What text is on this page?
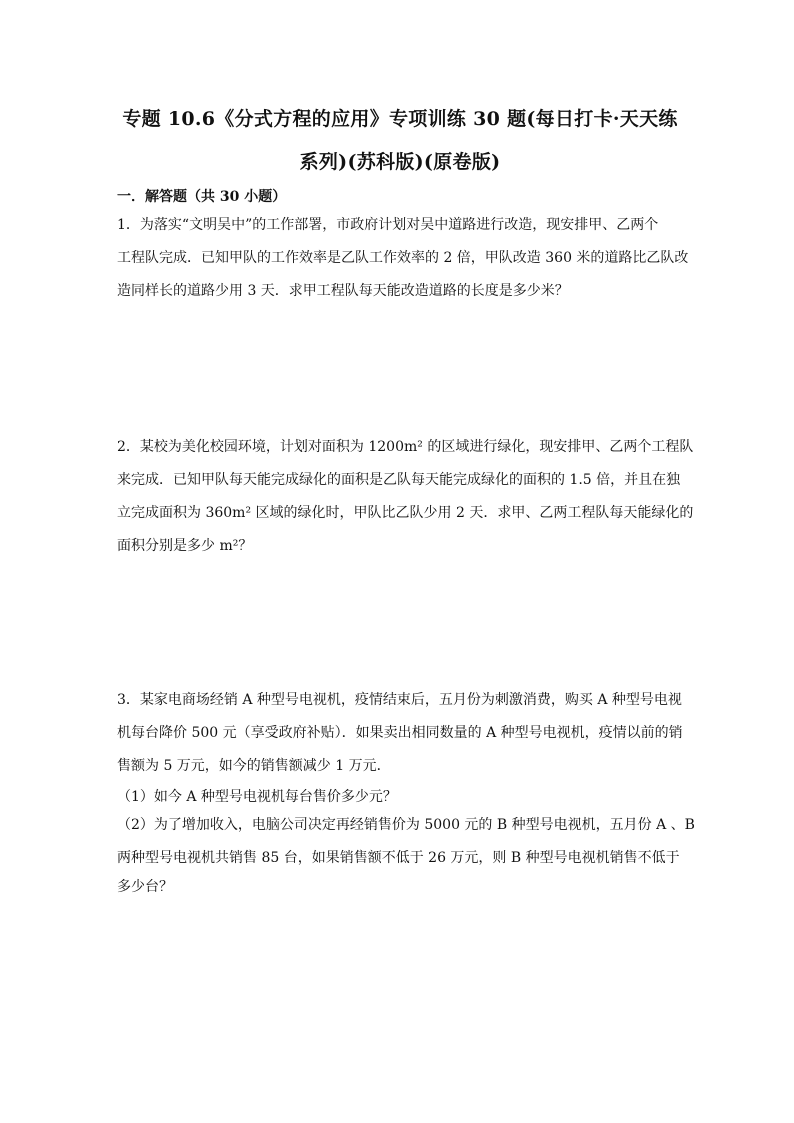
专题 10.6《分式方程的应用》专项训练 30 题(每日打卡·天天练

系列)(苏科版)(原卷版)

一．解答题（共 30 小题）

1．为落实“文明吴中”的工作部署，市政府计划对吴中道路进行改造，现安排甲、乙两个

工程队完成．已知甲队的工作效率是乙队工作效率的 2 倍，甲队改造 360 米的道路比乙队改

造同样长的道路少用 3 天．求甲工程队每天能改造道路的长度是多少米？

2．某校为美化校园环境，计划对面积为 1200m² 的区域进行绿化，现安排甲、乙两个工程队

来完成．已知甲队每天能完成绿化的面积是乙队每天能完成绿化的面积的 1.5 倍，并且在独

立完成面积为 360m² 区域的绿化时，甲队比乙队少用 2 天．求甲、乙两工程队每天能绿化的

面积分别是多少 m²？

3．某家电商场经销 A 种型号电视机，疫情结束后，五月份为刺激消费，购买 A 种型号电视

机每台降价 500 元（享受政府补贴）．如果卖出相同数量的 A 种型号电视机，疫情以前的销

售额为 5 万元，如今的销售额减少 1 万元．

（1）如今 A 种型号电视机每台售价多少元？

（2）为了增加收入，电脑公司决定再经销售价为 5000 元的 B 种型号电视机，五月份 A 、B

两种型号电视机共销售 85 台，如果销售额不低于 26 万元，则 B 种型号电视机销售不低于

多少台？
